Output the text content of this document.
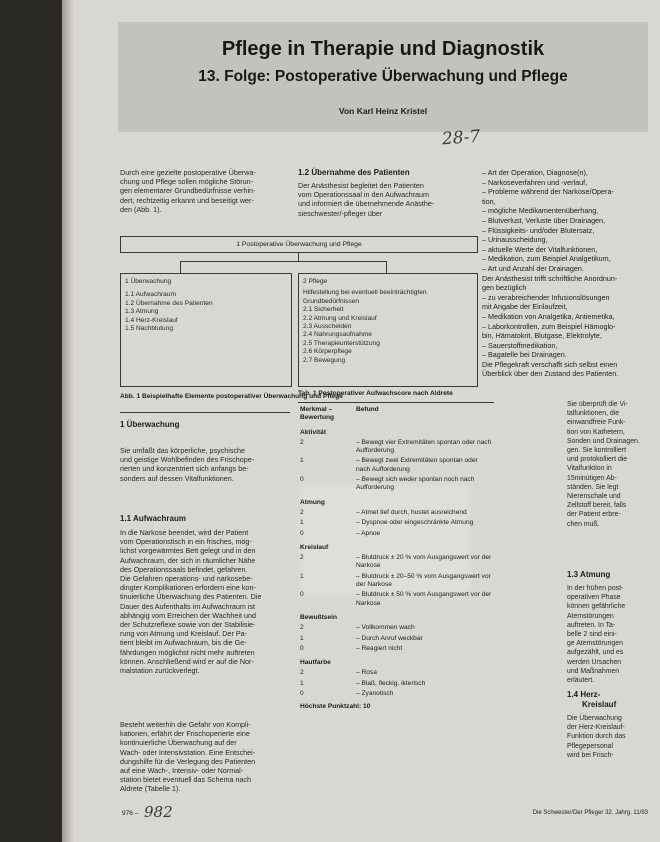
Pflege in Therapie und Diagnostik
13. Folge: Postoperative Überwachung und Pflege
Von Karl Heinz Kristel
28-7
Durch eine gezielte postoperative Überwa-
chung und Pflege sollen mögliche Störun-
gen elementarer Grundbedürfnisse verhin-
dert, rechtzeitig erkannt und beseitigt wer-
den (Abb. 1).
1.2 Übernahme des Patienten
Der Anästhesist begleitet den Patienten
vom Operationssaal in den Aufwachraum
und informiert die übernehmende Anästhe-
sieschwester/-pfleger über
– Art der Operation, Diagnose(n),
– Narkoseverfahren und -verlauf,
– Probleme während der Narkose/Opera-
tion,
– mögliche Medikamentenüberhang,
– Blutverlust, Verluste über Drainagen,
– Flüssigkeits- und/oder Blutersatz,
– Urinausscheidung,
– aktuelle Werte der Vitalfunktionen,
– Medikation, zum Beispiel Analgetikum,
– Art und Anzahl der Drainagen.
Der Anästhesist trifft schriftliche Anordnun-
gen bezüglich
– zu verabreichender Infusionslösungen
mit Angabe der Einlaufzeit,
– Medikation von Analgetika, Antiemetika,
– Laborkontrollen, zum Beispiel Hämoglo-
bin, Hämatokrit, Blutgase, Elektrolyte,
– Sauerstoffmedikation,
– Bagatelle bei Drainagen.
Die Pflegekraft verschafft sich selbst einen
Überblick über den Zustand des Patienten.
1 Postoperative Überwachung und Pflege
1 Überwachung
1.1 Aufwachraum
1.2 Übernahme des Patienten
1.3 Atmung
1.4 Herz-Kreislauf
1.5 Nachblutung
2 Pflege
Hilfestellung bei eventuell beeinträchtigten
Grundbedürfnissen
2.1 Sicherheit
2.2 Atmung und Kreislauf
2.3 Ausscheiden
2.4 Nahrungsaufnahme
2.5 Therapieunterstützung
2.6 Körperpflege
2.7 Bewegung
Abb. 1 Beispielhafte Elemente postoperativer Überwachung und Pflege
1 Überwachung
Sie umfaßt das körperliche, psychische
und geistige Wohlbefinden des Frischope-
rierten und konzentriert sich anfangs be-
sonders auf dessen Vitalfunktionen.
1.1 Aufwachraum
In die Narkose beendet, wird der Patient
vom Operationstisch in ein frisches, mög-
lichst vorgewärmtes Bett gelegt und in den
Aufwachraum, der sich in räumlicher Nähe
des Operationssaals befindet, gefahren.
Die Gefahren operations- und narkosebe-
dingter Komplikationen erfordern eine kon-
tinuierliche Überwachung des Patienten. Die
Dauer des Aufenthalts im Aufwachraum ist
abhängig vom Erreichen der Wachheit und
der Schutzreflexe sowie von der Stabilisie-
rung von Atmung und Kreislauf. Der Pa-
tient bleibt im Aufwachraum, bis die Ge-
fährdungen möglichst nicht mehr auftreten
können. Anschließend wird er auf die Nor-
malstation zurückverlegt.
Besteht weiterhin die Gefahr von Kompli-
kationen, erfährt der Frischoperierte eine
kontinuierliche Überwachung auf der
Wach- oder Intensivstation. Eine Entschei-
dungshilfe für die Verlegung des Patienten
auf eine Wach-, Intensiv- oder Normal-
station bietet eventuell das Schema nach
Aldrete (Tabelle 1).
Tab. 1 Postoperativer Aufwachscore nach Aldrete
Merkmal – Bewertung	Befund
Aktivität	
2	– Bewegt vier Extremitäten spontan oder nach Aufforderung
1	– Bewegt zwei Extremitäten spontan oder nach Aufforderung
0	– Bewegt sich weder spontan noch nach Aufforderung
Atmung	
2	– Atmet tief durch, hustet ausreichend
1	– Dyspnoe oder eingeschränkte Atmung
0	– Apnoe
Kreislauf	
2	– Blutdruck ± 20 % vom Ausgangswert vor der Narkose
1	– Blutdruck ± 20–50 % vom Ausgangswert vor der Narkose
0	– Blutdruck ± 50 % vom Ausgangswert vor der Narkose
Bewußtsein	
2	– Vollkommen wach
1	– Durch Anruf weckbar
0	– Reagiert nicht
Hautfarbe	
2	– Rosa
1	– Blaß, fleckig, ikterisch
0	– Zyanotisch
Höchste Punktzahl: 10	
Sie überprüft die Vi-
talfunktionen, die
einwandfreie Funk-
tion von Kathetern,
Sonden und Drainagen.
gen. Sie kontrolliert
und protokolliert die
Vitalfunktion in
15minütigen Ab-
ständen. Sie legt
Nierenschale und
Zellstoff bereit, falls
der Patient erbre-
chen muß.
1.3 Atmung
In der frühen post-
operativen Phase
können gefährliche
Atemstörungen
auftreten. In Ta-
belle 2 sind eini-
ge Atemstörungen
aufgezählt, und es
werden Ursachen
und Maßnahmen
erläutert.
1.4 Herz-
Kreislauf
Die Überwachung
der Herz-Kreislauf-
Funktion durch das
Pflegepersonal
wird bei Frisch-
976 – 982	Die Schwester/Der Pfleger 32. Jahrg. 11/93
